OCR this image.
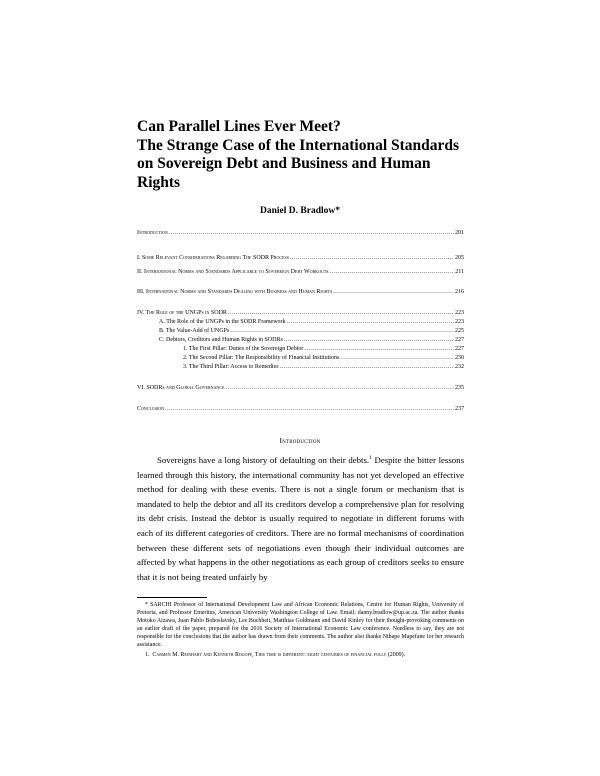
Can Parallel Lines Ever Meet?
The Strange Case of the International Standards
on Sovereign Debt and Business and Human
Rights
Daniel D. Bradlow*
Introduction .....	201
I. Some Relevant Considerations Regarding The SODR Process .....	205
II. International Norms and Standards Applicable to Sovereign Debt Workouts .....	211
III. International Norms and Standards Dealing with Business and Human Rights .....	216
IV. The Role of the UNGPs in SODR .....	223
A. The Role of the UNGPs in the SODR Framework .....	223
B. The Value-Add of UNGPs .....	225
C. Debtors, Creditors and Human Rights in SODRs .....	227
1. The First Pillar: Duties of the Sovereign Debtor .....	227
2. The Second Pillar: The Responsibility of Financial Institutions .....	230
3. The Third Pillar: Access to Remedies .....	232
VI. SODRs and Global Governance .....	235
Conclusion .....	237
Introduction

Sovereigns have a long history of defaulting on their debts.$^1$ Despite the bitter lessons learned through this history, the international community has not yet developed an effective method for dealing with these events. There is not a single forum or mechanism that is mandated to help the debtor and all its creditors develop a comprehensive plan for resolving its debt crisis. Instead the debtor is usually required to negotiate in different forums with each of its different categories of creditors. There are no formal mechanisms of coordination between these different sets of negotiations even though their individual outcomes are affected by what happens in the other negotiations as each group of creditors seeks to ensure that it is not being treated unfairly by

* SARCHI Professor of International Development Law and African Economic Relations, Centre for Human Rights, University of Pretoria, and Professor Emeritus, American University Washington College of Law. Email: danny.bradlow@up.ac.za. The author thanks Motoko Aizawa, Juan Pablo Bohoslavsky, Lee Buchheit, Matthias Goldmann and David Kinley for their thought-provoking comments on an earlier draft of the paper, prepared for the 2016 Society of International Economic Law conference. Needless to say, they are not responsible for the conclusions that the author has drawn from their comments. The author also thanks Nthape Mapefane for her research assistance.

1. Carmen M. Reinhart and Kenneth Rogoff, This time is different: eight centuries of financial folly (2009).
